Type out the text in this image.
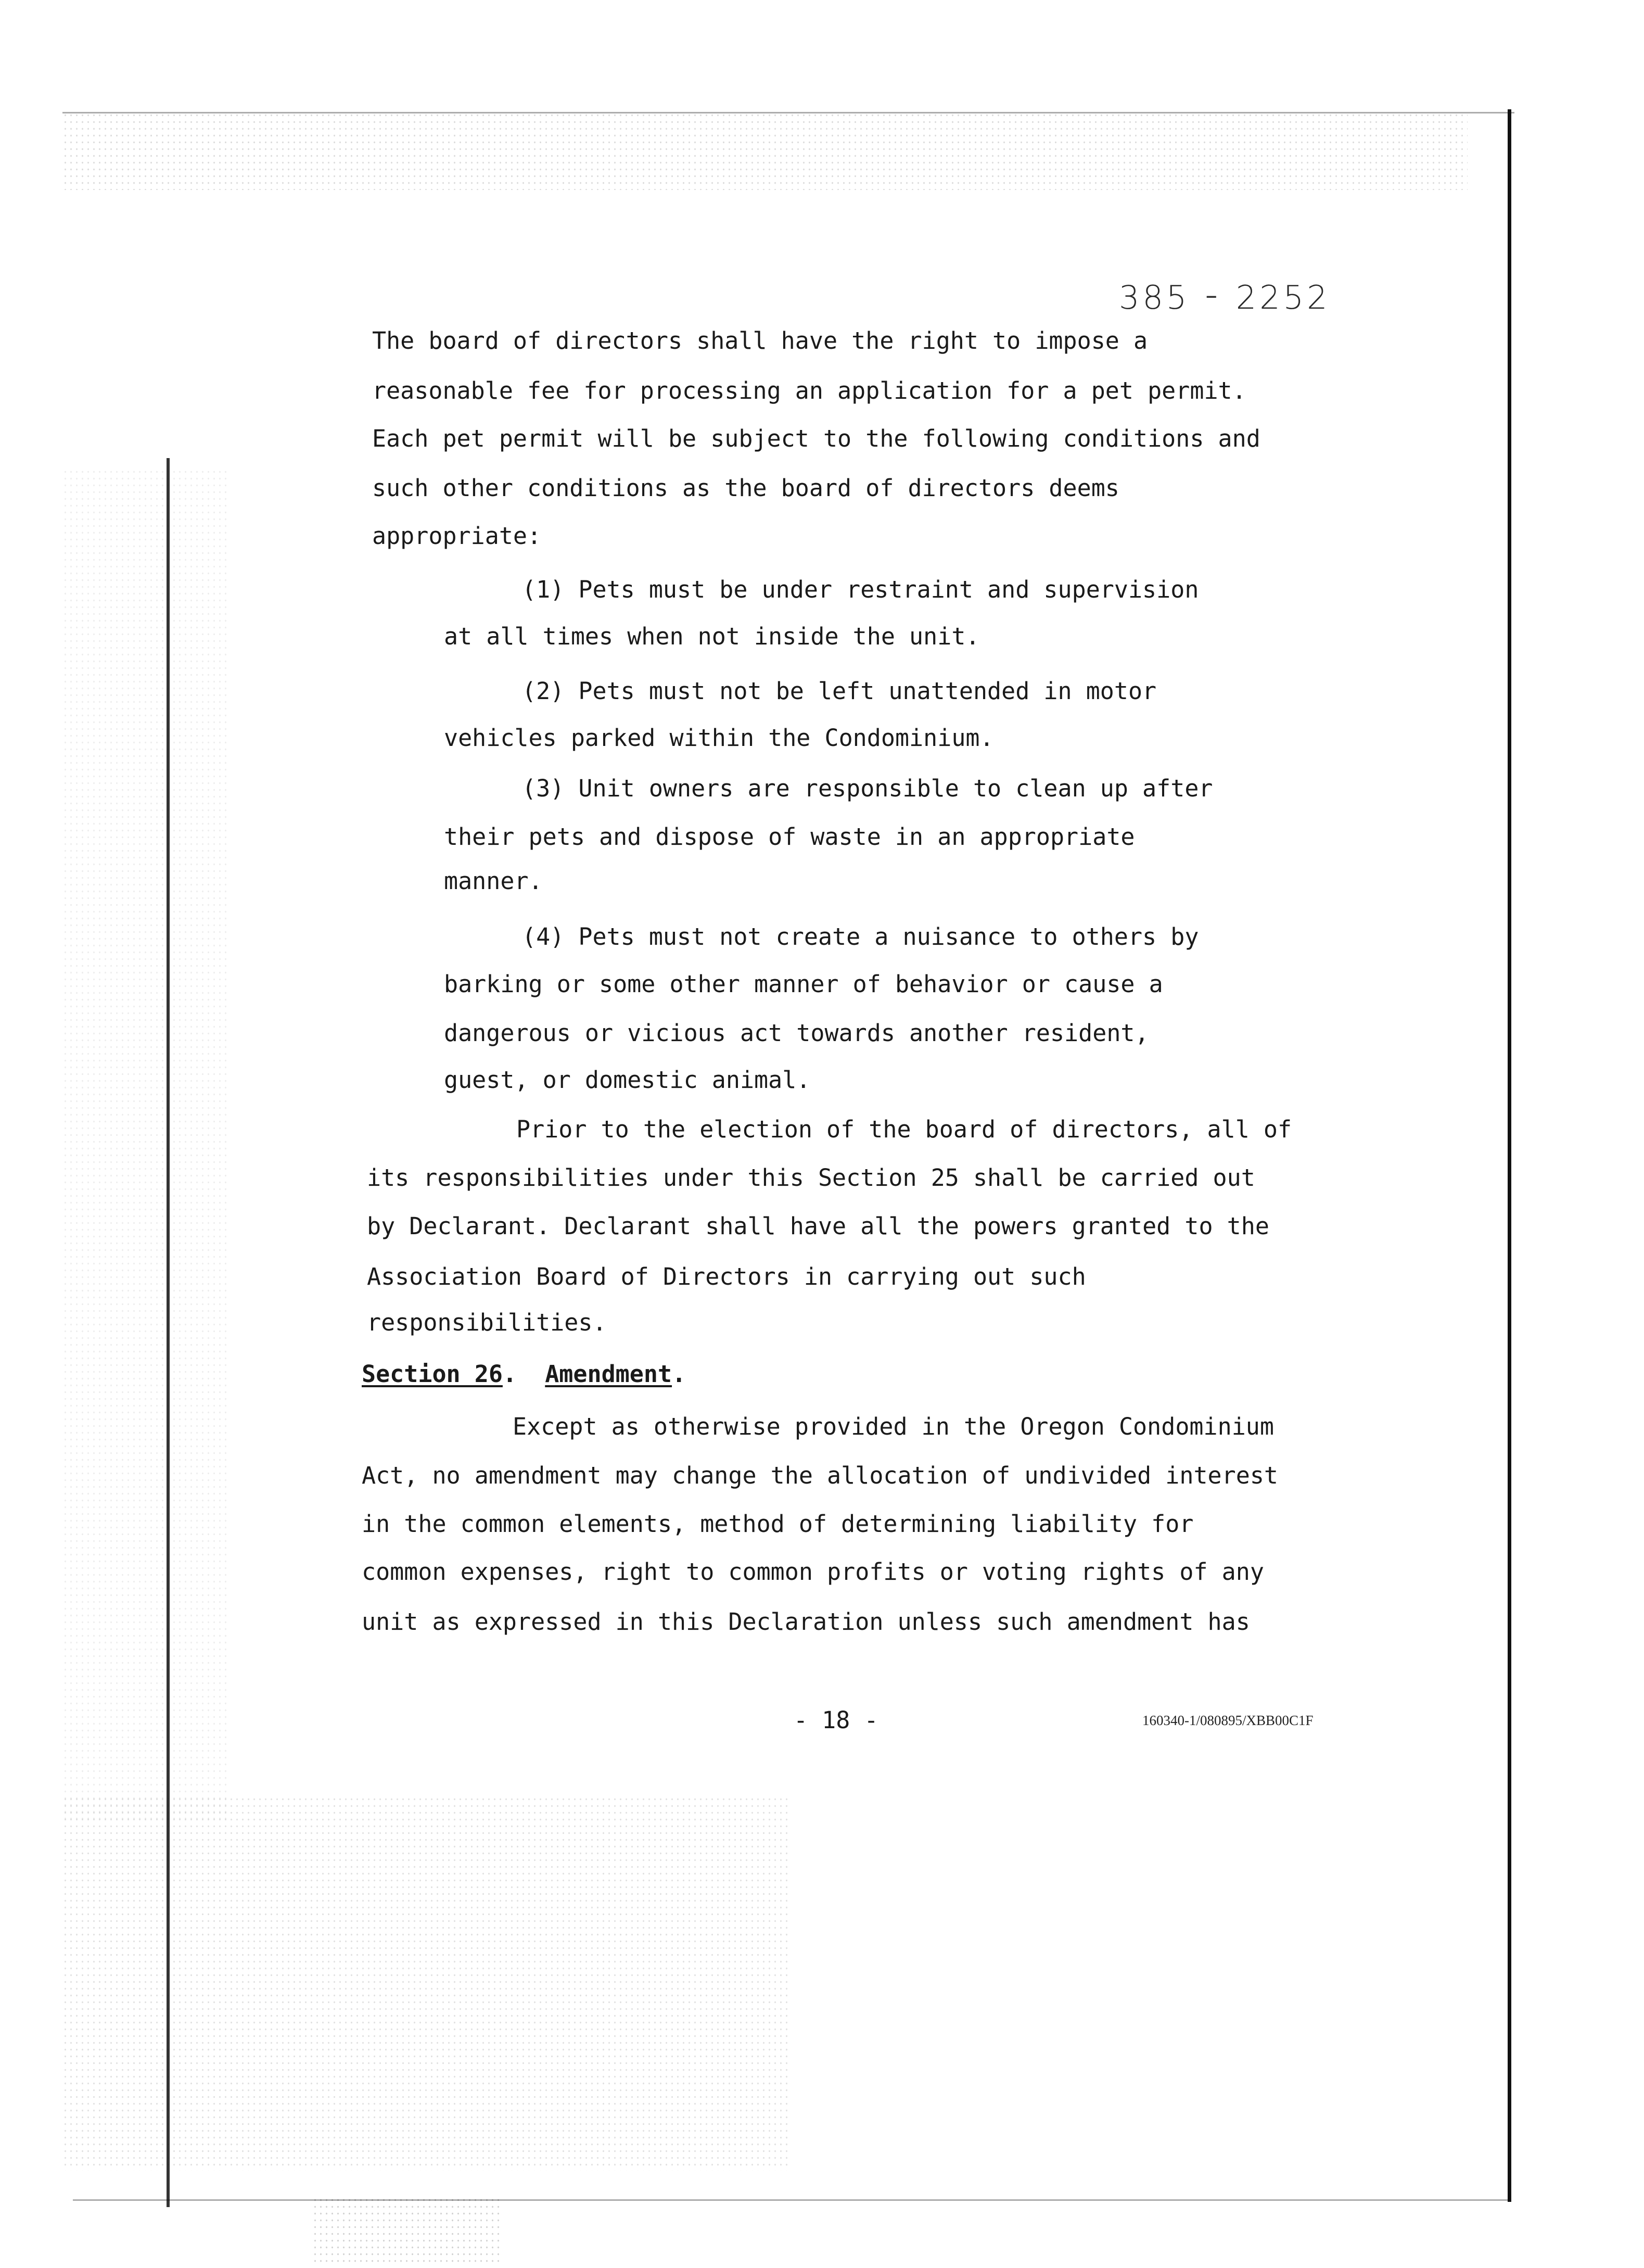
385 ⁃ 2252
The board of directors shall have the right to impose a
reasonable fee for processing an application for a pet permit.
Each pet permit will be subject to the following conditions and
such other conditions as the board of directors deems
appropriate:
(1) Pets must be under restraint and supervision
at all times when not inside the unit.
(2) Pets must not be left unattended in motor
vehicles parked within the Condominium.
(3) Unit owners are responsible to clean up after
their pets and dispose of waste in an appropriate
manner.
(4) Pets must not create a nuisance to others by
barking or some other manner of behavior or cause a
dangerous or vicious act towards another resident,
guest, or domestic animal.
Prior to the election of the board of directors, all of
its responsibilities under this Section 25 shall be carried out
by Declarant. Declarant shall have all the powers granted to the
Association Board of Directors in carrying out such
responsibilities.
Section 26.  Amendment.
Except as otherwise provided in the Oregon Condominium
Act, no amendment may change the allocation of undivided interest
in the common elements, method of determining liability for
common expenses, right to common profits or voting rights of any
unit as expressed in this Declaration unless such amendment has
- 18 -	160340-1/080895/XBB00C1F
